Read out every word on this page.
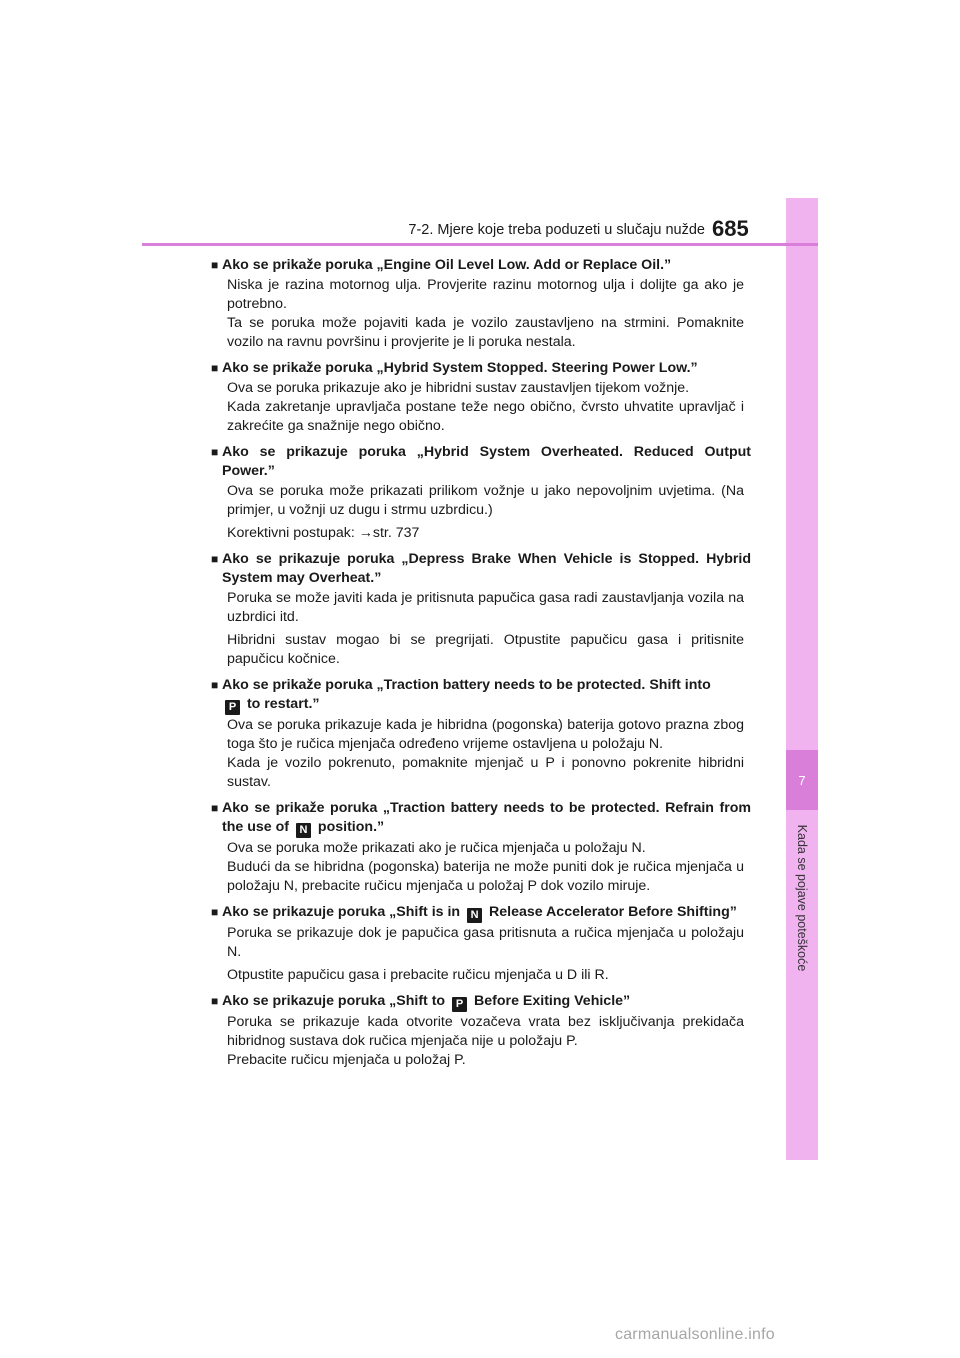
7
Kada se pojave poteškoće
7-2. Mjere koje treba poduzeti u slučaju nužde 685
■ Ako se prikaže poruka „Engine Oil Level Low. Add or Replace Oil.”
Niska je razina motornog ulja. Provjerite razinu motornog ulja i dolijte ga ako je potrebno.
Ta se poruka može pojaviti kada je vozilo zaustavljeno na strmini. Pomaknite vozilo na ravnu površinu i provjerite je li poruka nestala.
■ Ako se prikaže poruka „Hybrid System Stopped. Steering Power Low.”
Ova se poruka prikazuje ako je hibridni sustav zaustavljen tijekom vožnje.
Kada zakretanje upravljača postane teže nego obično, čvrsto uhvatite upravljač i zakrećite ga snažnije nego obično.
■ Ako se prikazuje poruka „Hybrid System Overheated. Reduced Output Power.”
Ova se poruka može prikazati prilikom vožnje u jako nepovoljnim uvjetima. (Na primjer, u vožnji uz dugu i strmu uzbrdicu.)
Korektivni postupak: →str. 737
■ Ako se prikazuje poruka „Depress Brake When Vehicle is Stopped. Hybrid System may Overheat.”
Poruka se može javiti kada je pritisnuta papučica gasa radi zaustavljanja vozila na uzbrdici itd.
Hibridni sustav mogao bi se pregrijati. Otpustite papučicu gasa i pritisnite papučicu kočnice.
■ Ako se prikaže poruka „Traction battery needs to be protected. Shift into
P to restart.”
Ova se poruka prikazuje kada je hibridna (pogonska) baterija gotovo prazna zbog toga što je ručica mjenjača određeno vrijeme ostavljena u položaju N.
Kada je vozilo pokrenuto, pomaknite mjenjač u P i ponovno pokrenite hibridni sustav.
■ Ako se prikaže poruka „Traction battery needs to be protected. Refrain from the use of N position.”
Ova se poruka može prikazati ako je ručica mjenjača u položaju N.
Budući da se hibridna (pogonska) baterija ne može puniti dok je ručica mjenjača u položaju N, prebacite ručicu mjenjača u položaj P dok vozilo miruje.
■ Ako se prikazuje poruka „Shift is in N Release Accelerator Before Shifting”
Poruka se prikazuje dok je papučica gasa pritisnuta a ručica mjenjača u položaju N.
Otpustite papučicu gasa i prebacite ručicu mjenjača u D ili R.
■ Ako se prikazuje poruka „Shift to P Before Exiting Vehicle”
Poruka se prikazuje kada otvorite vozačeva vrata bez isključivanja prekidača hibridnog sustava dok ručica mjenjača nije u položaju P.
Prebacite ručicu mjenjača u položaj P.
carmanualsonline.info
